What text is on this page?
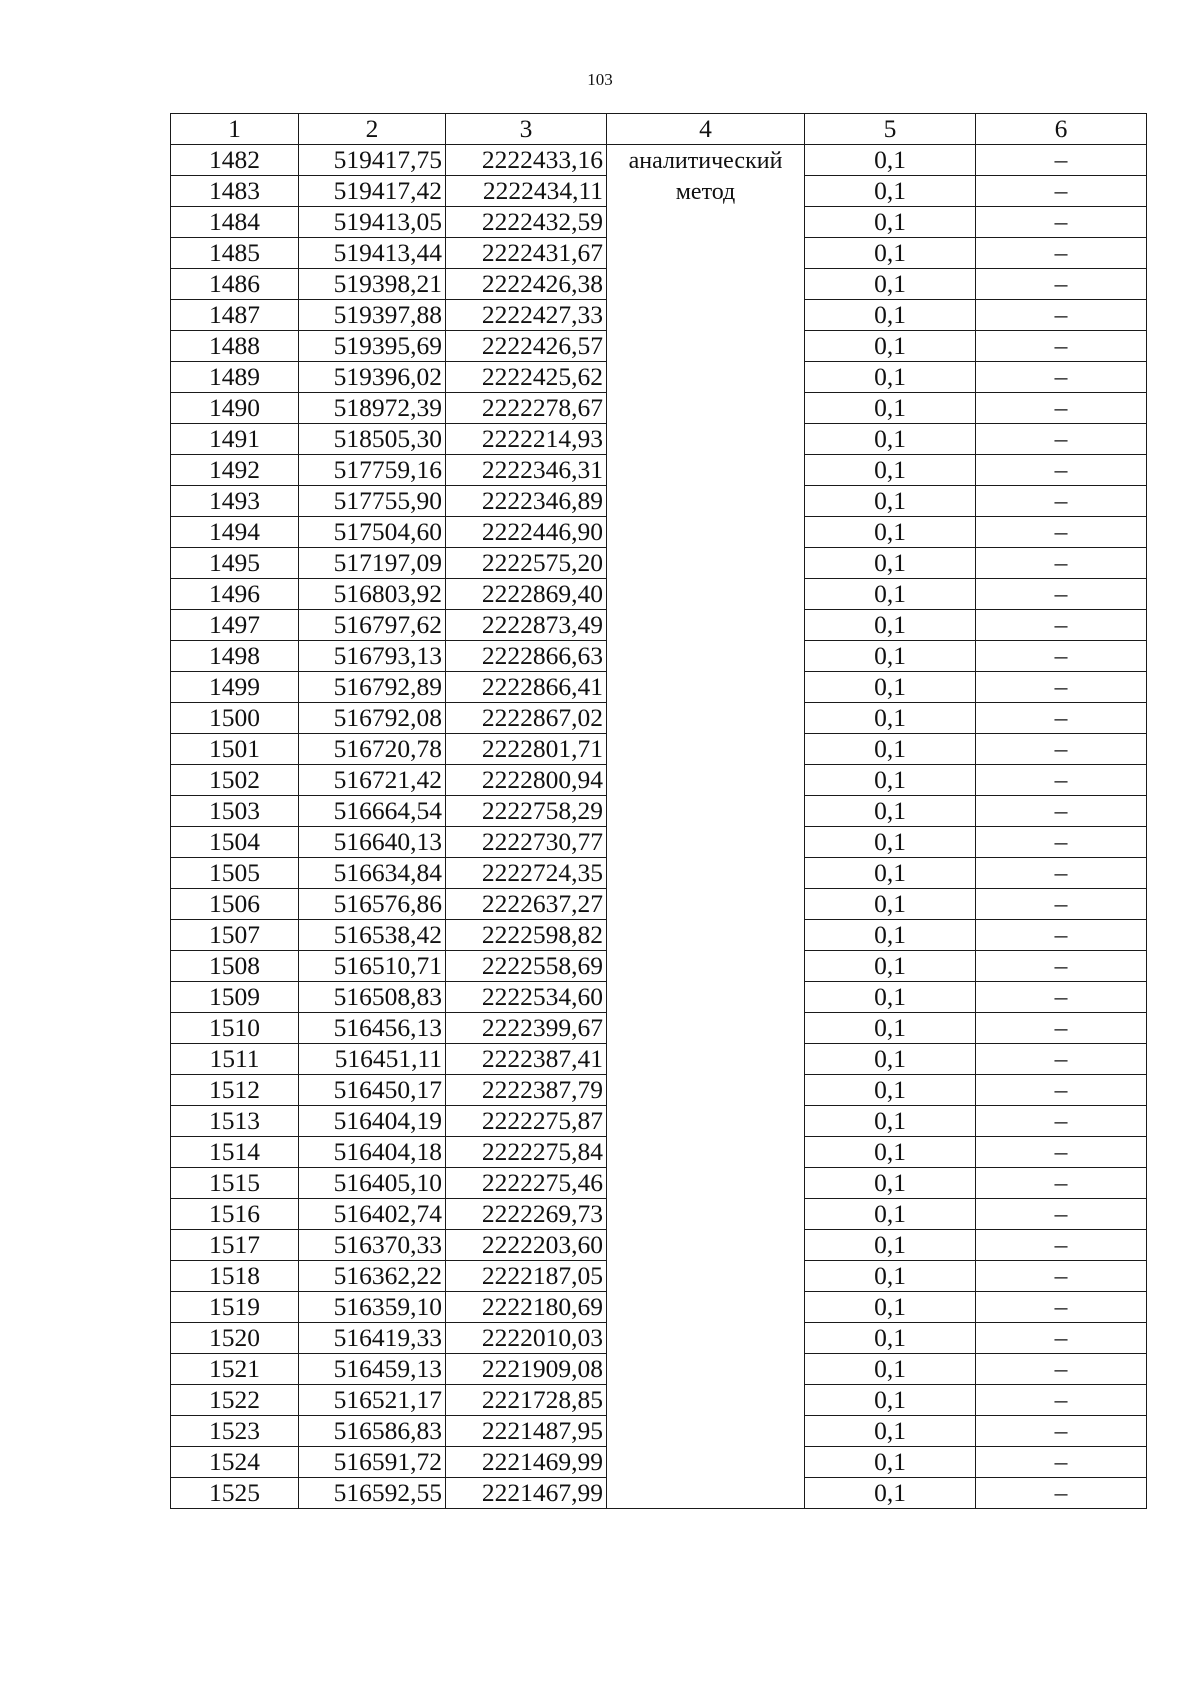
103
1	2	3	4	5	6
1482	519417,75	2222433,16	аналитический метод	0,1	–
1483	519417,42	2222434,11		0,1	–
1484	519413,05	2222432,59		0,1	–
1485	519413,44	2222431,67		0,1	–
1486	519398,21	2222426,38		0,1	–
1487	519397,88	2222427,33		0,1	–
1488	519395,69	2222426,57		0,1	–
1489	519396,02	2222425,62		0,1	–
1490	518972,39	2222278,67		0,1	–
1491	518505,30	2222214,93		0,1	–
1492	517759,16	2222346,31		0,1	–
1493	517755,90	2222346,89		0,1	–
1494	517504,60	2222446,90		0,1	–
1495	517197,09	2222575,20		0,1	–
1496	516803,92	2222869,40		0,1	–
1497	516797,62	2222873,49		0,1	–
1498	516793,13	2222866,63		0,1	–
1499	516792,89	2222866,41		0,1	–
1500	516792,08	2222867,02		0,1	–
1501	516720,78	2222801,71		0,1	–
1502	516721,42	2222800,94		0,1	–
1503	516664,54	2222758,29		0,1	–
1504	516640,13	2222730,77		0,1	–
1505	516634,84	2222724,35		0,1	–
1506	516576,86	2222637,27		0,1	–
1507	516538,42	2222598,82		0,1	–
1508	516510,71	2222558,69		0,1	–
1509	516508,83	2222534,60		0,1	–
1510	516456,13	2222399,67		0,1	–
1511	516451,11	2222387,41		0,1	–
1512	516450,17	2222387,79		0,1	–
1513	516404,19	2222275,87		0,1	–
1514	516404,18	2222275,84		0,1	–
1515	516405,10	2222275,46		0,1	–
1516	516402,74	2222269,73		0,1	–
1517	516370,33	2222203,60		0,1	–
1518	516362,22	2222187,05		0,1	–
1519	516359,10	2222180,69		0,1	–
1520	516419,33	2222010,03		0,1	–
1521	516459,13	2221909,08		0,1	–
1522	516521,17	2221728,85		0,1	–
1523	516586,83	2221487,95		0,1	–
1524	516591,72	2221469,99		0,1	–
1525	516592,55	2221467,99		0,1	–
